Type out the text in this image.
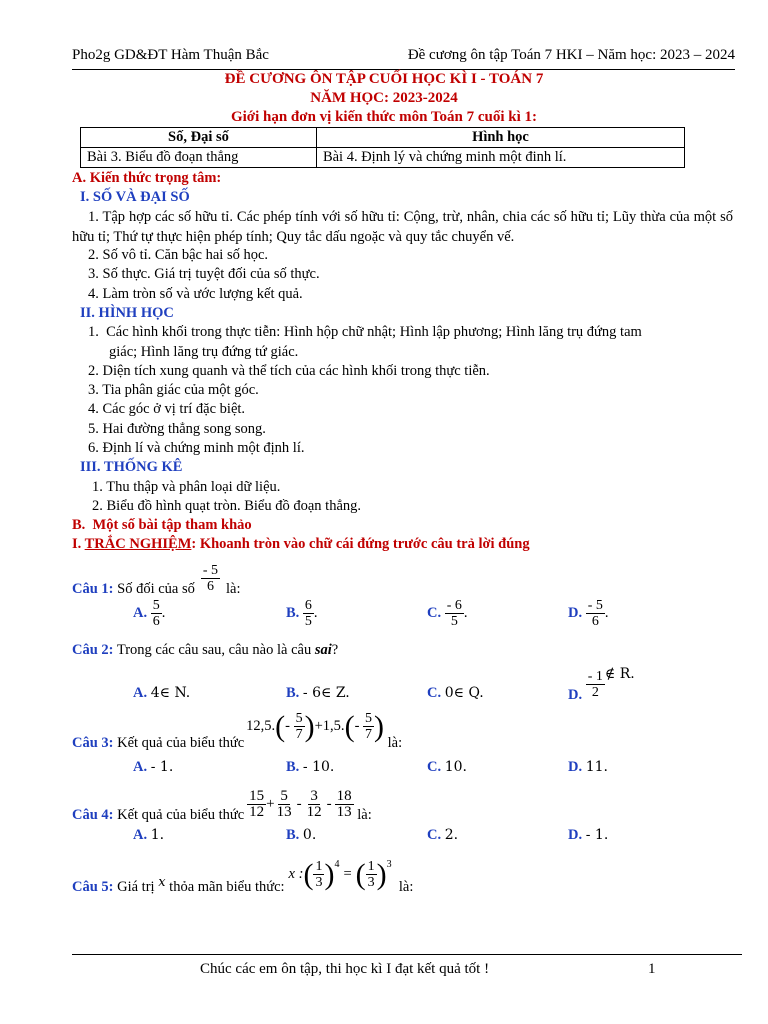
Pho2g GD&ĐT Hàm Thuận Bắc	Đề cương ôn tập Toán 7 HKI – Năm học: 2023 – 2024
ĐỀ CƯƠNG ÔN TẬP CUỐI HỌC KÌ I - TOÁN 7
NĂM HỌC: 2023-2024
Giới hạn đơn vị kiến thức môn Toán 7 cuối kì 1:
Số, Đại số	Hình học
Bài 3. Biểu đồ đoạn thẳng	Bài 4. Định lý và chứng minh một đinh lí.
A. Kiến thức trọng tâm:
I. SỐ VÀ ĐẠI SỐ
1. Tập hợp các số hữu tỉ. Các phép tính với số hữu tỉ: Cộng, trừ, nhân, chia các số hữu tỉ; Lũy thừa của một số hữu tỉ; Thứ tự thực hiện phép tính; Quy tắc dấu ngoặc và quy tắc chuyển vế.
2. Số vô tỉ. Căn bậc hai số học.
3. Số thực. Giá trị tuyệt đối của số thực.
4. Làm tròn số và ước lượng kết quả.
II. HÌNH HỌC
1.  Các hình khối trong thực tiễn: Hình hộp chữ nhật; Hình lập phương; Hình lăng trụ đứng tam
giác; Hình lăng trụ đứng tứ giác.
2. Diện tích xung quanh và thể tích của các hình khối trong thực tiễn.
3. Tia phân giác của một góc.
4. Các góc ở vị trí đặc biệt.
5. Hai đường thẳng song song.
6. Định lí và chứng minh một định lí.
III. THỐNG KÊ
1. Thu thập và phân loại dữ liệu.
2. Biểu đồ hình quạt tròn. Biểu đồ đoạn thẳng.
B.  Một số bài tập tham khảo
I. TRẮC NGHIỆM: Khoanh tròn vào chữ cái đứng trước câu trả lời đúng
Câu 1:
Số đối của số $\frac{- 5}{6}$ là:
A. $\frac{5}{6}$ .	B. $\frac{6}{5}$ .	C. $\frac{- 6}{5}$ .	D. $\frac{- 5}{6}$ .
Câu 2: Trong các câu sau, câu nào là câu sai?
A. 4∈ N.	B. - 6∈ Z.	C. 0∈ Q.	D.
$\frac{- 1}{2}$ ∉ R.
Câu 3:
Kết quả của biểu thức
12,5. ( -
$\frac{5}{7}$ ) +1,5. ( -
$\frac{5}{7}$ )

là:
A. - 1.	B. - 10.	C. 10.	D. 11.
Câu 4:
Kết quả của biểu thức $\frac{15}{12} + \frac{5}{13} - \frac{3}{12} - \frac{18}{13}$
là:
A. 1.	B. 0.	C. 2.	D. - 1.
Câu 5:
Giá trị
x
thỏa mãn biểu thức:
x : ( $\frac{1}{3} )^4$
= ( $\frac{1}{3} )^3$

là:
Chúc các em ôn tập, thi học kì I đạt kết quả tốt !	1
